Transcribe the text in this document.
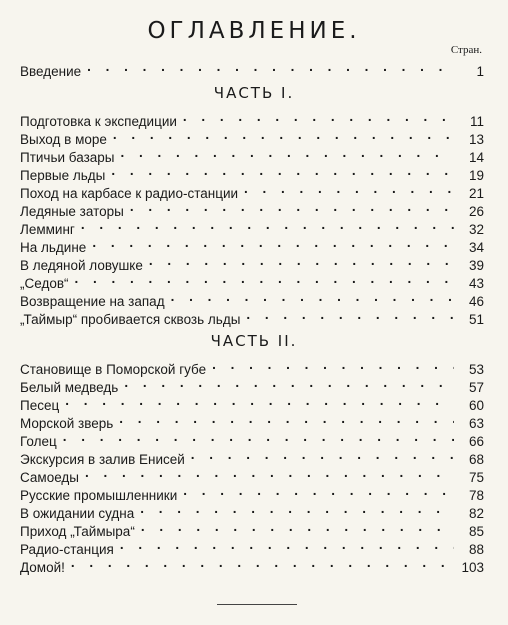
ОГЛАВЛЕНИЕ.
Стран.
Введение . . .	1
ЧАСТЬ I.
Подготовка к экспедиции . . .	11
Выход в море . . .	13
Птичьи базары . . .	14
Первые льды . . .	19
Поход на карбасе к радио-станции . . .	21
Ледяные заторы . . .	26
Лемминг . . .	32
На льдине . . .	34
В ледяной ловушке . . .	39
„Седов“ . . .	43
Возвращение на запад . . .	46
„Таймыр“ пробивается сквозь льды . . .	51
ЧАСТЬ II.
Становище в Поморской губе . . .	53
Белый медведь . . .	57
Песец . . .	60
Морской зверь . . .	63
Голец . . .	66
Экскурсия в залив Енисей . . .	68
Самоеды . . .	75
Русские промышленники . . .	78
В ожидании судна . . .	82
Приход „Таймыра“ . . .	85
Радио-станция . . .	88
Домой! . . .	103
